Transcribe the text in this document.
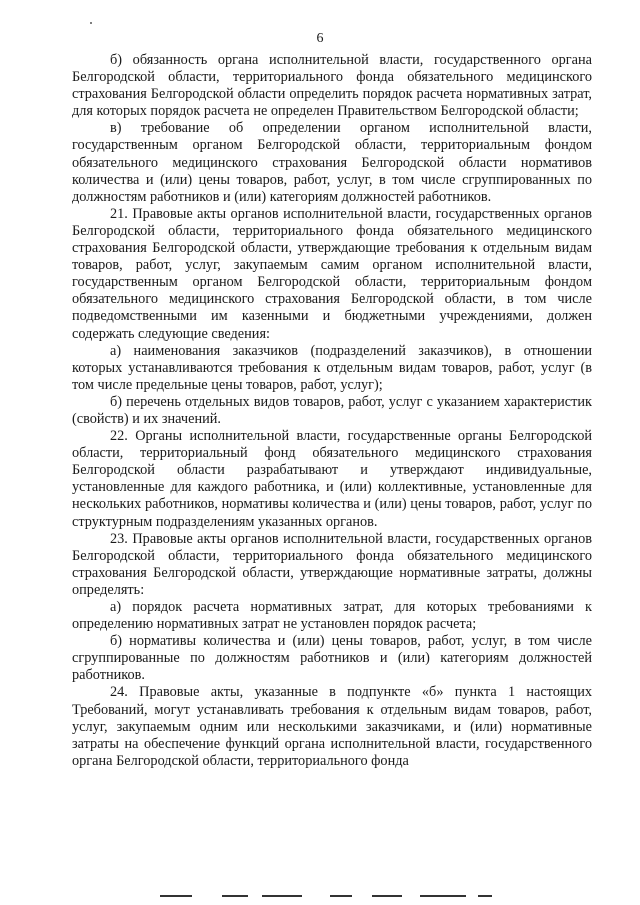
6

б) обязанность органа исполнительной власти, государственного органа Белгородской области, территориального фонда обязательного медицинского страхования Белгородской области определить порядок расчета нормативных затрат, для которых порядок расчета не определен Правительством Белгородской области;

в) требование об определении органом исполнительной власти, государственным органом Белгородской области, территориальным фондом обязательного медицинского страхования Белгородской области нормативов количества и (или) цены товаров, работ, услуг, в том числе сгруппированных по должностям работников и (или) категориям должностей работников.

21. Правовые акты органов исполнительной власти, государственных органов Белгородской области, территориального фонда обязательного медицинского страхования Белгородской области, утверждающие требования к отдельным видам товаров, работ, услуг, закупаемым самим органом исполнительной власти, государственным органом Белгородской области, территориальным фондом обязательного медицинского страхования Белгородской области, в том числе подведомственными им казенными и бюджетными учреждениями, должен содержать следующие сведения:

а) наименования заказчиков (подразделений заказчиков), в отношении которых устанавливаются требования к отдельным видам товаров, работ, услуг (в том числе предельные цены товаров, работ, услуг);

б) перечень отдельных видов товаров, работ, услуг с указанием характеристик (свойств) и их значений.

22. Органы исполнительной власти, государственные органы Белгородской области, территориальный фонд обязательного медицинского страхования Белгородской области разрабатывают и утверждают индивидуальные, установленные для каждого работника, и (или) коллективные, установленные для нескольких работников, нормативы количества и (или) цены товаров, работ, услуг по структурным подразделениям указанных органов.

23. Правовые акты органов исполнительной власти, государственных органов Белгородской области, территориального фонда обязательного медицинского страхования Белгородской области, утверждающие нормативные затраты, должны определять:

а) порядок расчета нормативных затрат, для которых требованиями к определению нормативных затрат не установлен порядок расчета;

б) нормативы количества и (или) цены товаров, работ, услуг, в том числе сгруппированные по должностям работников и (или) категориям должностей работников.

24. Правовые акты, указанные в подпункте «б» пункта 1 настоящих Требований, могут устанавливать требования к отдельным видам товаров, работ, услуг, закупаемым одним или несколькими заказчиками, и (или) нормативные затраты на обеспечение функций органа исполнительной власти, государственного органа Белгородской области, территориального фонда
